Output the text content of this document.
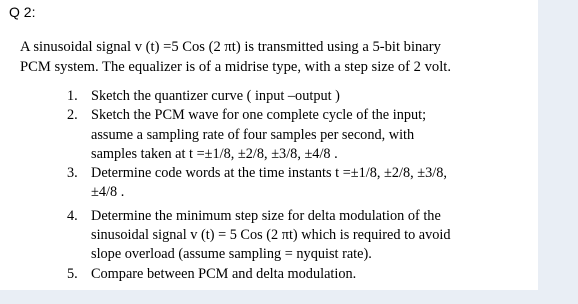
Q 2:
A sinusoidal signal v (t) =5 Cos (2 πt) is transmitted using a 5-bit binary
PCM system. The equalizer is of a midrise type, with a step size of 2 volt.
1. Sketch the quantizer curve ( input –output )
2. Sketch the PCM wave for one complete cycle of the input;
assume a sampling rate of four samples per second, with
samples taken at t =±1/8, ±2/8, ±3/8, ±4/8 .
3. Determine code words at the time instants t =±1/8, ±2/8, ±3/8,
±4/8 .
4. Determine the minimum step size for delta modulation of the
sinusoidal signal v (t) = 5 Cos (2 πt) which is required to avoid
slope overload (assume sampling = nyquist rate).
5. Compare between PCM and delta modulation.
